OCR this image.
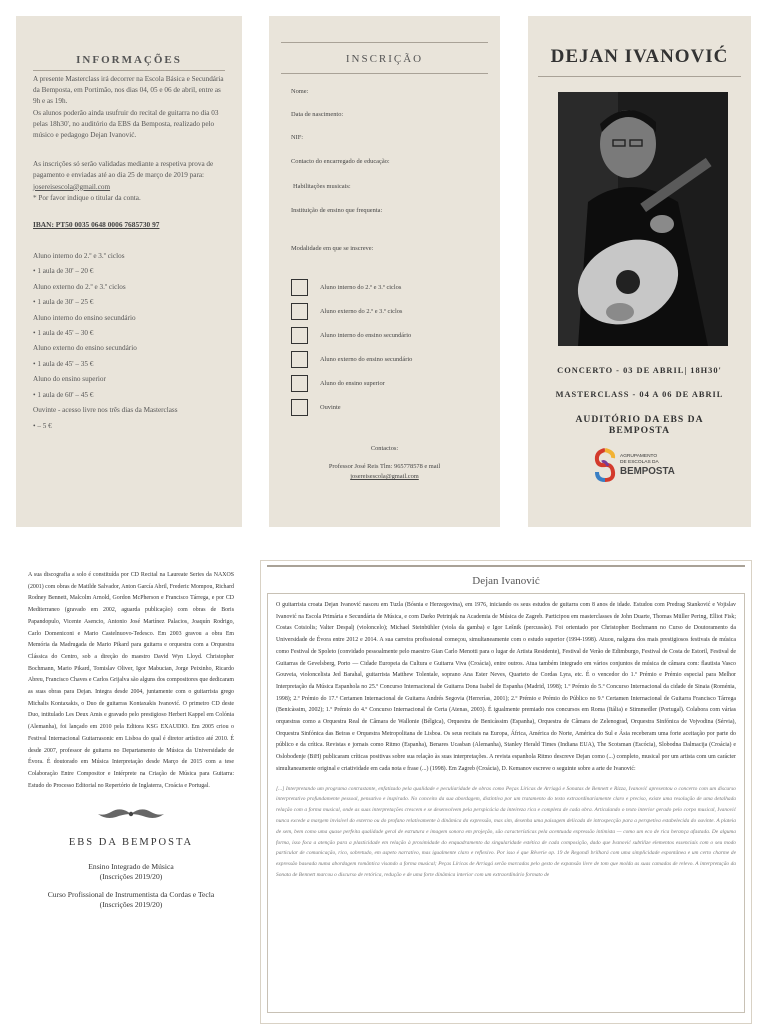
INFORMAÇÕES

A presente Masterclass irá decorrer na Escola Básica e Secundária da Bemposta, em Portimão, nos dias 04, 05 e 06 de abril, entre as 9h e as 19h.

Os alunos poderão ainda usufruir do recital de guitarra no dia 03 pelas 18h30', no auditório da EBS da Bemposta, realizado pelo músico e pedagogo Dejan Ivanović.

As inscrições só serão validadas mediante a respetiva prova de pagamento e enviadas até ao dia 25 de março de 2019 para:

josereisescola@gmail.com

* Por favor indique o titular da conta.

IBAN: PT50 0035 0648 0006 7685730 97

Aluno interno do 2.º e 3.º ciclos
• 1 aula de 30' – 20 €
Aluno externo do 2.º e 3.º ciclos
• 1 aula de 30' – 25 €
Aluno interno do ensino secundário
• 1 aula de 45' – 30 €
Aluno externo do ensino secundário
• 1 aula de 45' – 35 €
Aluno do ensino superior
• 1 aula de 60' – 45 €
Ouvinte - acesso livre nos três dias da Masterclass
• – 5 €
INSCRIÇÃO
Nome:
Data de nascimento:
NIF:
Contacto do encarregado de educação:
Habilitações musicais:
Instituição de ensino que frequenta:
Modalidade em que se inscreve:
Aluno interno do 2.º e 3.º ciclos
Aluno externo do 2.º e 3.º ciclos
Aluno interno do ensino secundário
Aluno externo do ensino secundário
Aluno do ensino superior
Ouvinte
Contactos:
Professor José Reis Tlm: 965778578 e mail
josereisescola@gmail.com
DEJAN IVANOVIĆ
CONCERTO - 03 DE ABRIL| 18H30'
MASTERCLASS - 04 A 06 DE ABRIL
AUDITÓRIO DA EBS DA
BEMPOSTA
AGRUPAMENTO
DE ESCOLAS DA
BEMPOSTA

A sua discografia a solo é constituída por CD Recital na Laureate Series da NAXOS (2001) com obras de Matilde Salvador, Anton García Abril, Frederic Mompou, Richard Rodney Bennett, Malcolm Arnold, Gordon McPherson e Francisco Tárrega, e por CD Mediterraneo (gravado em 2002, aguarda publicação) com obras de Boris Papandopulo, Vicente Asencio, Antonio José Martínez Palacios, Joaquín Rodrigo, Carlo Domeniconi e Mario Castelnuovo-Tedesco. Em 2003 gravou a obra Em Memória da Madrugada de Mario Pikard para guitarra e orquestra com a Orquestra Clássica do Centro, sob a direção do maestro David Wyn Lloyd. Christopher Bochmann, Mario Pikard, Tomislav Oliver, Igor Mabucian, Jorge Peixinho, Ricardo Abreu, Francisco Chaves e Carlos Grijalva são alguns dos compositores que dedicaram as suas obras para Dejan. Integra desde 2004, juntamente com o guitarrista grego Michalis Kontaxakis, o Duo de guitarras Kontaxakis Ivanović. O primeiro CD deste Duo, intitulado Les Deux Amis e gravado pelo prestigioso Herbert Kappel em Colónia (Alemanha), foi lançado em 2010 pela Editora KSG EXAUDIO. Em 2005 criou o Festival Internacional Guitarrasonic em Lisboa do qual é diretor artístico até 2010. É desde 2007, professor de guitarra no Departamento de Música da Universidade de Évora. É doutorado em Música Interpretação desde Março de 2015 com a tese Colaboração Entre Compositor e Intérprete na Criação de Música para Guitarra: Estudo do Processo Editorial no Repertório de Inglaterra, Croácia e Portugal.

EBS DA BEMPOSTA
Ensino Integrado de Música
(Inscrições 2019/20)
Curso Profissional de Instrumentista da Cordas e Tecla
(Inscrições 2019/20)
Dejan Ivanović

O guitarrista croata Dejan Ivanović nasceu em Tuzla (Bósnia e Herzegovina), em 1976, iniciando os seus estudos de guitarra com 8 anos de idade. Estudou com Predrag Stanković e Vojislav Ivanović na Escola Primária e Secundária de Música, e com Darko Petrinjak na Academia de Música de Zagreb. Participou em masterclasses de John Duarte, Thomas Müller Pering, Elliot Fisk; Costas Cotsiolis; Valter Despalj (violoncelo); Michael Steinbühler (viola da gamba) e Igor Lešnik (percussão). Foi orientado por Christopher Bochmann no Curso de Doutoramento da Universidade de Évora entre 2012 e 2014. A sua carreira profissional começou, simultaneamente com o estudo superior (1994-1998). Atuou, nalguns dos mais prestigiosos festivais de música como Festival de Spoleto (convidado pessoalmente pelo maestro Gian Carlo Menotti para o lugar de Artista Residente), Festival de Verão de Edimburgo, Festival de Costa de Estoril, Festival de Guitarras de Gevelsberg, Porto — Cidade Europeia da Cultura e Guitarra Viva (Croácia), entre outros. Atua também integrado em vários conjuntos de música de câmara com: flautista Vasco Gouveia, violoncelista Jed Barahal, guitarrista Matthew Tolentale, soprano Ana Ester Neves, Quarteto de Cordas Lyra, etc. É o vencedor do 1.º Prémio e Prémio especial para Melhor Interpretação da Música Espanhola no 25.º Concurso Internacional de Guitarra Dona Isabel de Espanha (Madrid, 1998); 1.º Prémio do 5.º Concurso Internacional da cidade de Sinaia (Roménia, 1998); 2.º Prémio do 17.º Certamen Internacional de Guitarra Andrés Segovia (Herrerías, 2001); 2.º Prémio e Prémio do Público no 9.º Certamen Internacional de Guitarra Francisco Tárrega (Benicàssim, 2002); 1.º Prémio do 4.º Concurso Internacional de Certa (Atenas, 2003). É igualmente premiado nos concursos em Roma (Itália) e Stimmedler (Portugal). Colabora com várias orquestras como a Orquestra Real de Câmara de Wallonie (Bélgica), Orquestra de Benicàssim (Espanha), Orquestra de Câmara de Zelenograd, Orquestra Sinfónica de Vojvodina (Sérvia), Orquestra Sinfónica das Beiras e Orquestra Metropolitana de Lisboa. Os seus recitais na Europa, África, América do Norte, América do Sul e Ásia receberam uma forte aceitação por parte do público e da crítica. Revistas e jornais como Ritmo (Espanha), Benares Ucasban (Alemanha), Stanley Herald Times (Indiana EUA), The Scotsman (Escócia), Slobodna Dalmacija (Croácia) e Oslobođenje (BiH) publicaram críticas positivas sobre sua relação às suas interpretações. A revista espanhola Ritmo descreve Dejan como (...) completo, musical por um artista com um carácter simultaneamente original e criatividade em cada nota e frase (...) (1998). Em Zagreb (Croácia), D. Kemanov escreve o seguinte sobre a arte de Ivanović:

[...] Interpretando um programa contrastante, enfatizado pela qualidade e peculiaridade de obras como Peças Líricas de Arriagá e Sonatas de Bennett e Rizza, Ivanović apresentou o concerto com um discurso interpretativo profundamente pessoal, pensativo e inspirado. No conceito da sua abordagem, distintiva por um tratamento do texto extraordinariamente claro e preciso, existe uma resolução de uma detalhada relação com a forma musical, onde as suas interpretações crescem e se desenvolvem pela perspicácia da inteireza rica e completa de cada obra. Articulando o texto interior gerado pelo corpo musical, Ivanović nunca excede a margem invisível do externo ou do profano relativamente à dinâmica da expressão, mas sim, desenha uma paisagem delicada de introspecção para a perspetiva estabelecida do ouvinte. A plateia de sem, bem como uma quase perfeita qualidade geral de estrutura e imagem sonora em projeção, são características pela acentuada expressão íntimista — como um eco de rica herança afastada. De alguma forma, isso foca a atenção para a plasticidade em relação à proximidade do enquadramento da singularidade estética de cada composição, dado que Ivanović subtilize elementos essenciais com o seu modo particular de comunicação, rico, sobretudo, em aspeto narrativo, mas igualmente claro e reflexivo. Por isso é que Rêverie op. 19 de Regondi brilhará com uma simplicidade espontânea e um certo charme de expressão baseada numa abordagem romântica visando a forma musical; Peças Líricas de Arriagá serão marcadas pelo gesto de expansão livre de tom que molda as suas camadas de relevo. A interpretação da Sonata de Bennett marcou o discurso de retórica, redução e de uma forte dinâmica interior com um extraordinário formato de
